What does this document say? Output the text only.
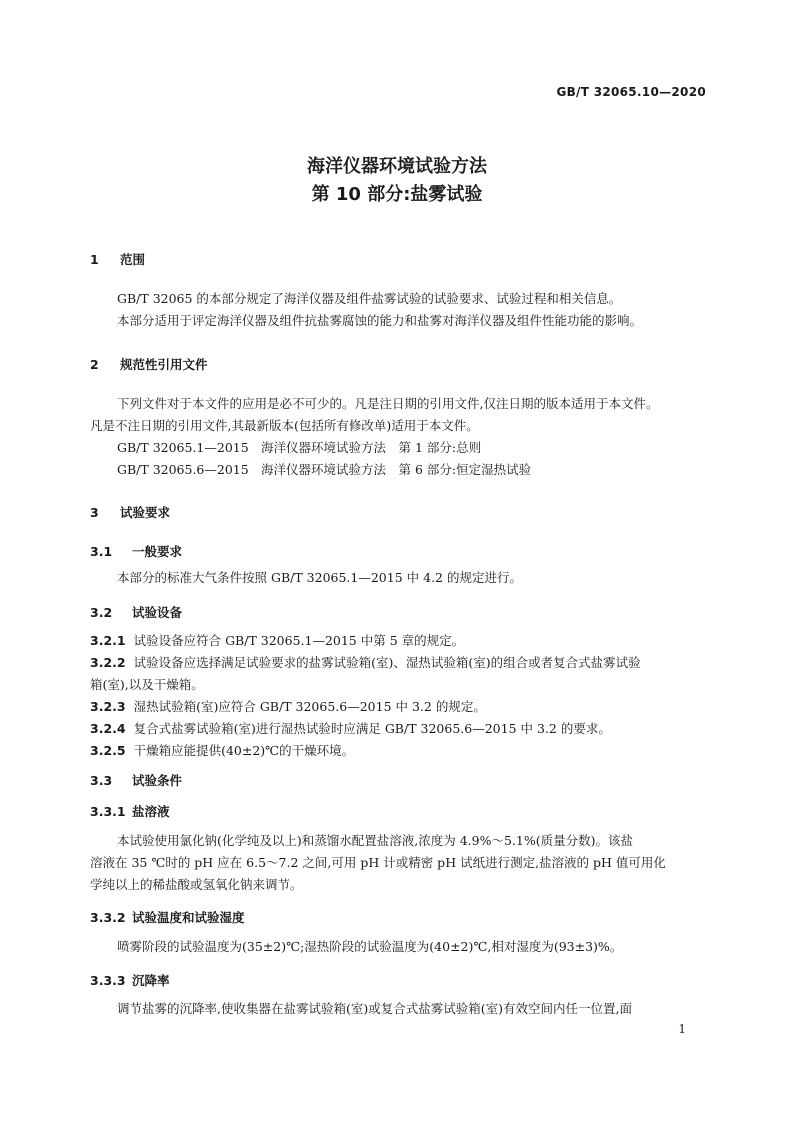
GB/T 32065.10—2020
海洋仪器环境试验方法
第 10 部分:盐雾试验
1 范围
GB/T 32065 的本部分规定了海洋仪器及组件盐雾试验的试验要求、试验过程和相关信息。
本部分适用于评定海洋仪器及组件抗盐雾腐蚀的能力和盐雾对海洋仪器及组件性能功能的影响。
2 规范性引用文件
下列文件对于本文件的应用是必不可少的。凡是注日期的引用文件,仅注日期的版本适用于本文件。
凡是不注日期的引用文件,其最新版本(包括所有修改单)适用于本文件。
GB/T 32065.1—2015 海洋仪器环境试验方法　第 1 部分:总则
GB/T 32065.6—2015 海洋仪器环境试验方法　第 6 部分:恒定湿热试验
3 试验要求
3.1 一般要求
本部分的标准大气条件按照 GB/T 32065.1—2015 中 4.2 的规定进行。
3.2 试验设备
3.2.1 试验设备应符合 GB/T 32065.1—2015 中第 5 章的规定。
3.2.2 试验设备应选择满足试验要求的盐雾试验箱(室)、湿热试验箱(室)的组合或者复合式盐雾试验
箱(室),以及干燥箱。
3.2.3 湿热试验箱(室)应符合 GB/T 32065.6—2015 中 3.2 的规定。
3.2.4 复合式盐雾试验箱(室)进行湿热试验时应满足 GB/T 32065.6—2015 中 3.2 的要求。
3.2.5 干燥箱应能提供(40±2)℃的干燥环境。
3.3 试验条件
3.3.1 盐溶液
本试验使用氯化钠(化学纯及以上)和蒸馏水配置盐溶液,浓度为 4.9%～5.1%(质量分数)。该盐
溶液在 35 ℃时的 pH 应在 6.5～7.2 之间,可用 pH 计或精密 pH 试纸进行测定,盐溶液的 pH 值可用化
学纯以上的稀盐酸或氢氧化钠来调节。
3.3.2 试验温度和试验湿度
喷雾阶段的试验温度为(35±2)℃;湿热阶段的试验温度为(40±2)℃,相对湿度为(93±3)%。
3.3.3 沉降率
调节盐雾的沉降率,使收集器在盐雾试验箱(室)或复合式盐雾试验箱(室)有效空间内任一位置,面
1
